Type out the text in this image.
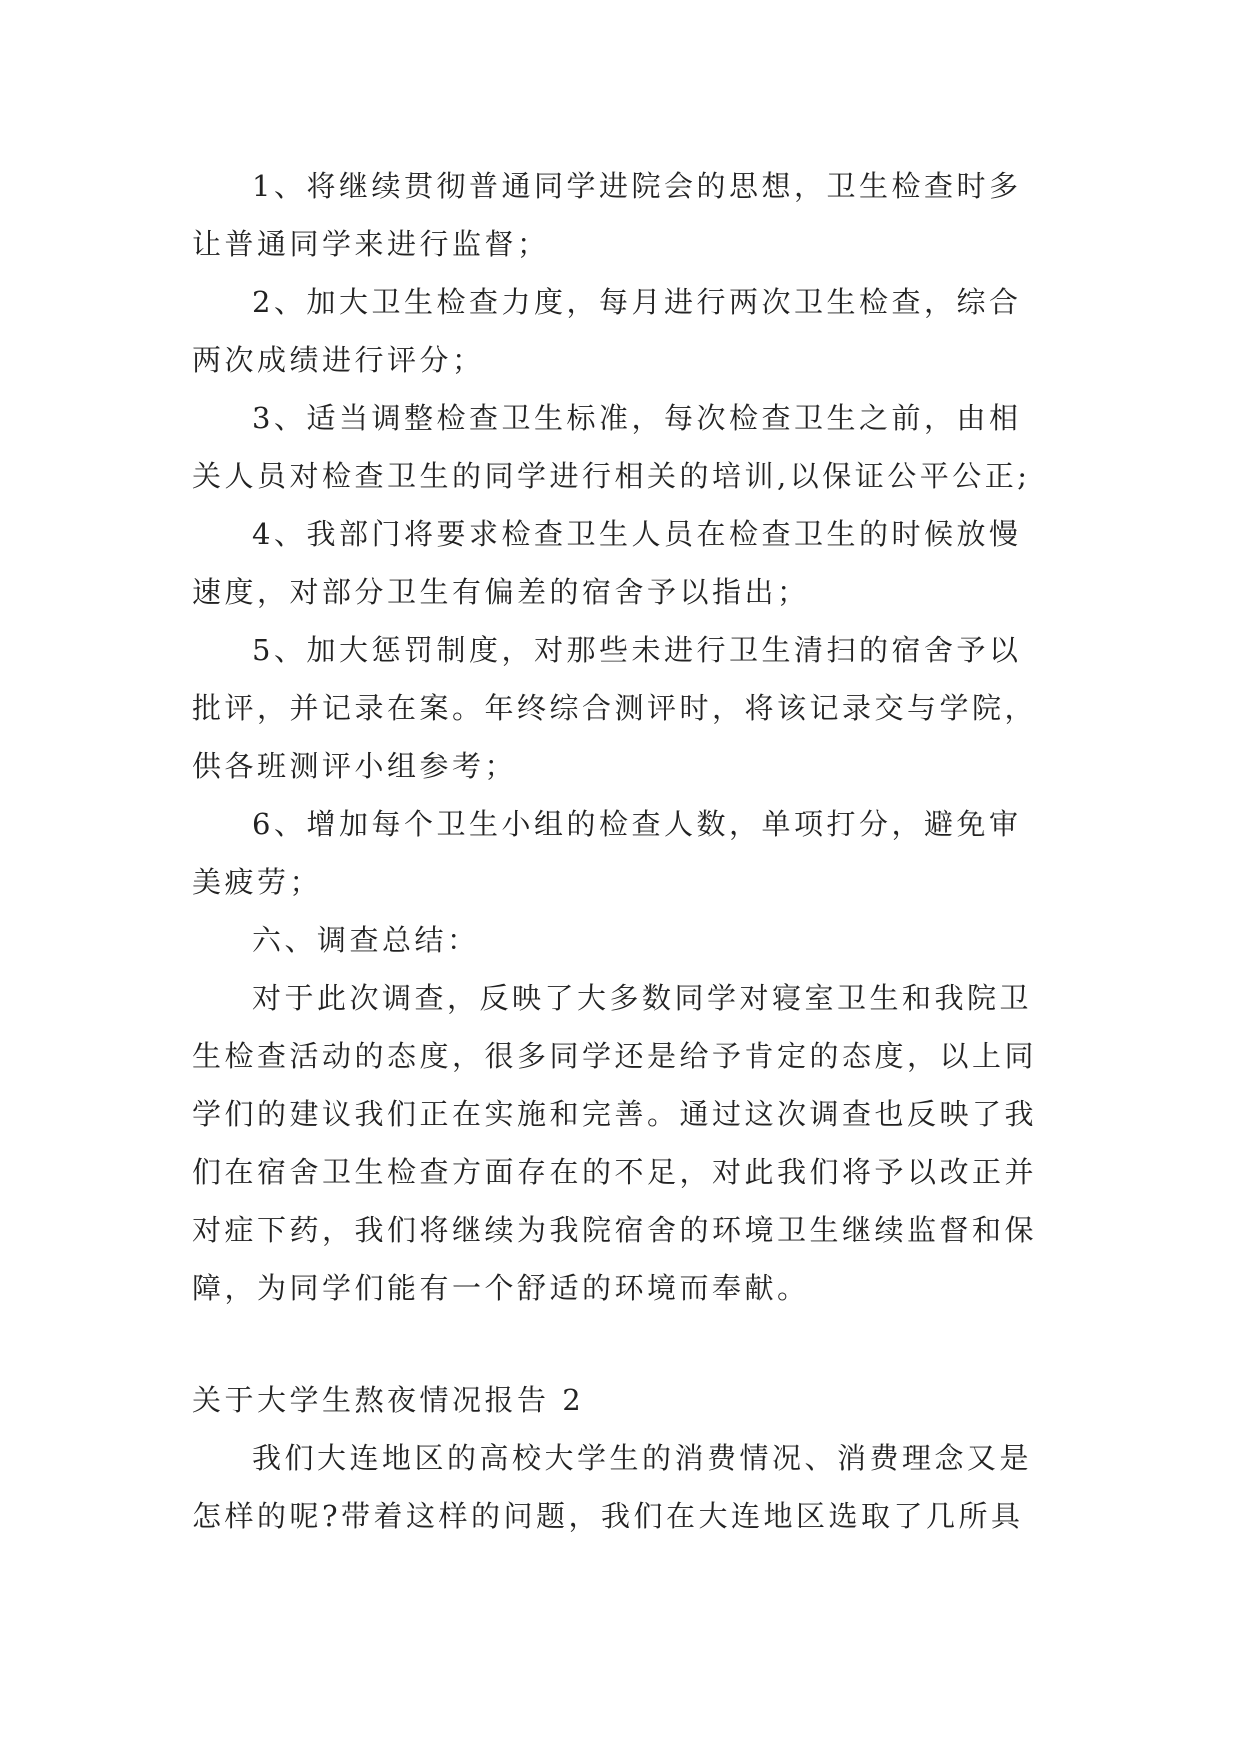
1、将继续贯彻普通同学进院会的思想，卫生检查时多
让普通同学来进行监督；
2、加大卫生检查力度，每月进行两次卫生检查，综合
两次成绩进行评分；
3、适当调整检查卫生标准，每次检查卫生之前，由相
关人员对检查卫生的同学进行相关的培训,以保证公平公正;
4、我部门将要求检查卫生人员在检查卫生的时候放慢
速度，对部分卫生有偏差的宿舍予以指出；
5、加大惩罚制度，对那些未进行卫生清扫的宿舍予以
批评，并记录在案。年终综合测评时，将该记录交与学院，
供各班测评小组参考；
6、增加每个卫生小组的检查人数，单项打分，避免审
美疲劳；
六、调查总结：
对于此次调查，反映了大多数同学对寝室卫生和我院卫
生检查活动的态度，很多同学还是给予肯定的态度，以上同
学们的建议我们正在实施和完善。通过这次调查也反映了我
们在宿舍卫生检查方面存在的不足，对此我们将予以改正并
对症下药，我们将继续为我院宿舍的环境卫生继续监督和保
障，为同学们能有一个舒适的环境而奉献。
关于大学生熬夜情况报告 2
我们大连地区的高校大学生的消费情况、消费理念又是
怎样的呢?带着这样的问题，我们在大连地区选取了几所具
